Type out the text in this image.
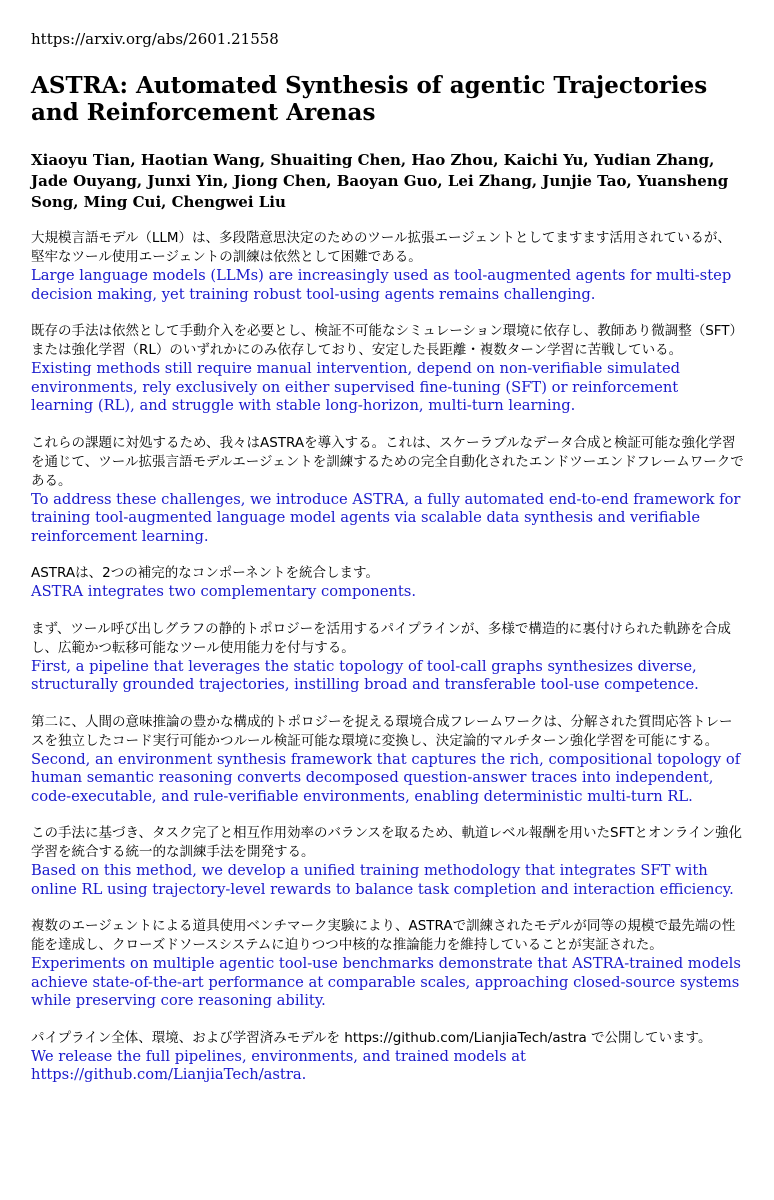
https://arxiv.org/abs/2601.21558
ASTRA: Automated Synthesis of agentic Trajectories and Reinforcement Arenas
Xiaoyu Tian, Haotian Wang, Shuaiting Chen, Hao Zhou, Kaichi Yu, Yudian Zhang, Jade Ouyang, Junxi Yin, Jiong Chen, Baoyan Guo, Lei Zhang, Junjie Tao, Yuansheng Song, Ming Cui, Chengwei Liu
大規模言語モデル（LLM）は、多段階意思決定のためのツール拡張エージェントとしてますます活用されているが、堅牢なツール使用エージェントの訓練は依然として困難である。
Large language models (LLMs) are increasingly used as tool-augmented agents for multi-step decision making, yet training robust tool-using agents remains challenging.
既存の手法は依然として手動介入を必要とし、検証不可能なシミュレーション環境に依存し、教師あり微調整（SFT）または強化学習（RL）のいずれかにのみ依存しており、安定した長距離・複数ターン学習に苦戦している。
Existing methods still require manual intervention, depend on non-verifiable simulated environments, rely exclusively on either supervised fine-tuning (SFT) or reinforcement learning (RL), and struggle with stable long-horizon, multi-turn learning.
これらの課題に対処するため、我々はASTRAを導入する。これは、スケーラブルなデータ合成と検証可能な強化学習を通じて、ツール拡張言語モデルエージェントを訓練するための完全自動化されたエンドツーエンドフレームワークである。
To address these challenges, we introduce ASTRA, a fully automated end-to-end framework for training tool-augmented language model agents via scalable data synthesis and verifiable reinforcement learning.
ASTRAは、2つの補完的なコンポーネントを統合します。
ASTRA integrates two complementary components.
まず、ツール呼び出しグラフの静的トポロジーを活用するパイプラインが、多様で構造的に裏付けられた軌跡を合成し、広範かつ転移可能なツール使用能力を付与する。
First, a pipeline that leverages the static topology of tool-call graphs synthesizes diverse, structurally grounded trajectories, instilling broad and transferable tool-use competence.
第二に、人間の意味推論の豊かな構成的トポロジーを捉える環境合成フレームワークは、分解された質問応答トレースを独立したコード実行可能かつルール検証可能な環境に変換し、決定論的マルチターン強化学習を可能にする。
Second, an environment synthesis framework that captures the rich, compositional topology of human semantic reasoning converts decomposed question-answer traces into independent, code-executable, and rule-verifiable environments, enabling deterministic multi-turn RL.
この手法に基づき、タスク完了と相互作用効率のバランスを取るため、軌道レベル報酬を用いたSFTとオンライン強化学習を統合する統一的な訓練手法を開発する。
Based on this method, we develop a unified training methodology that integrates SFT with online RL using trajectory-level rewards to balance task completion and interaction efficiency.
複数のエージェントによる道具使用ベンチマーク実験により、ASTRAで訓練されたモデルが同等の規模で最先端の性能を達成し、クローズドソースシステムに迫りつつ中核的な推論能力を維持していることが実証された。
Experiments on multiple agentic tool-use benchmarks demonstrate that ASTRA-trained models achieve state-of-the-art performance at comparable scales, approaching closed-source systems while preserving core reasoning ability.
パイプライン全体、環境、および学習済みモデルを https://github.com/LianjiaTech/astra で公開しています。
We release the full pipelines, environments, and trained models at https://github.com/LianjiaTech/astra.
